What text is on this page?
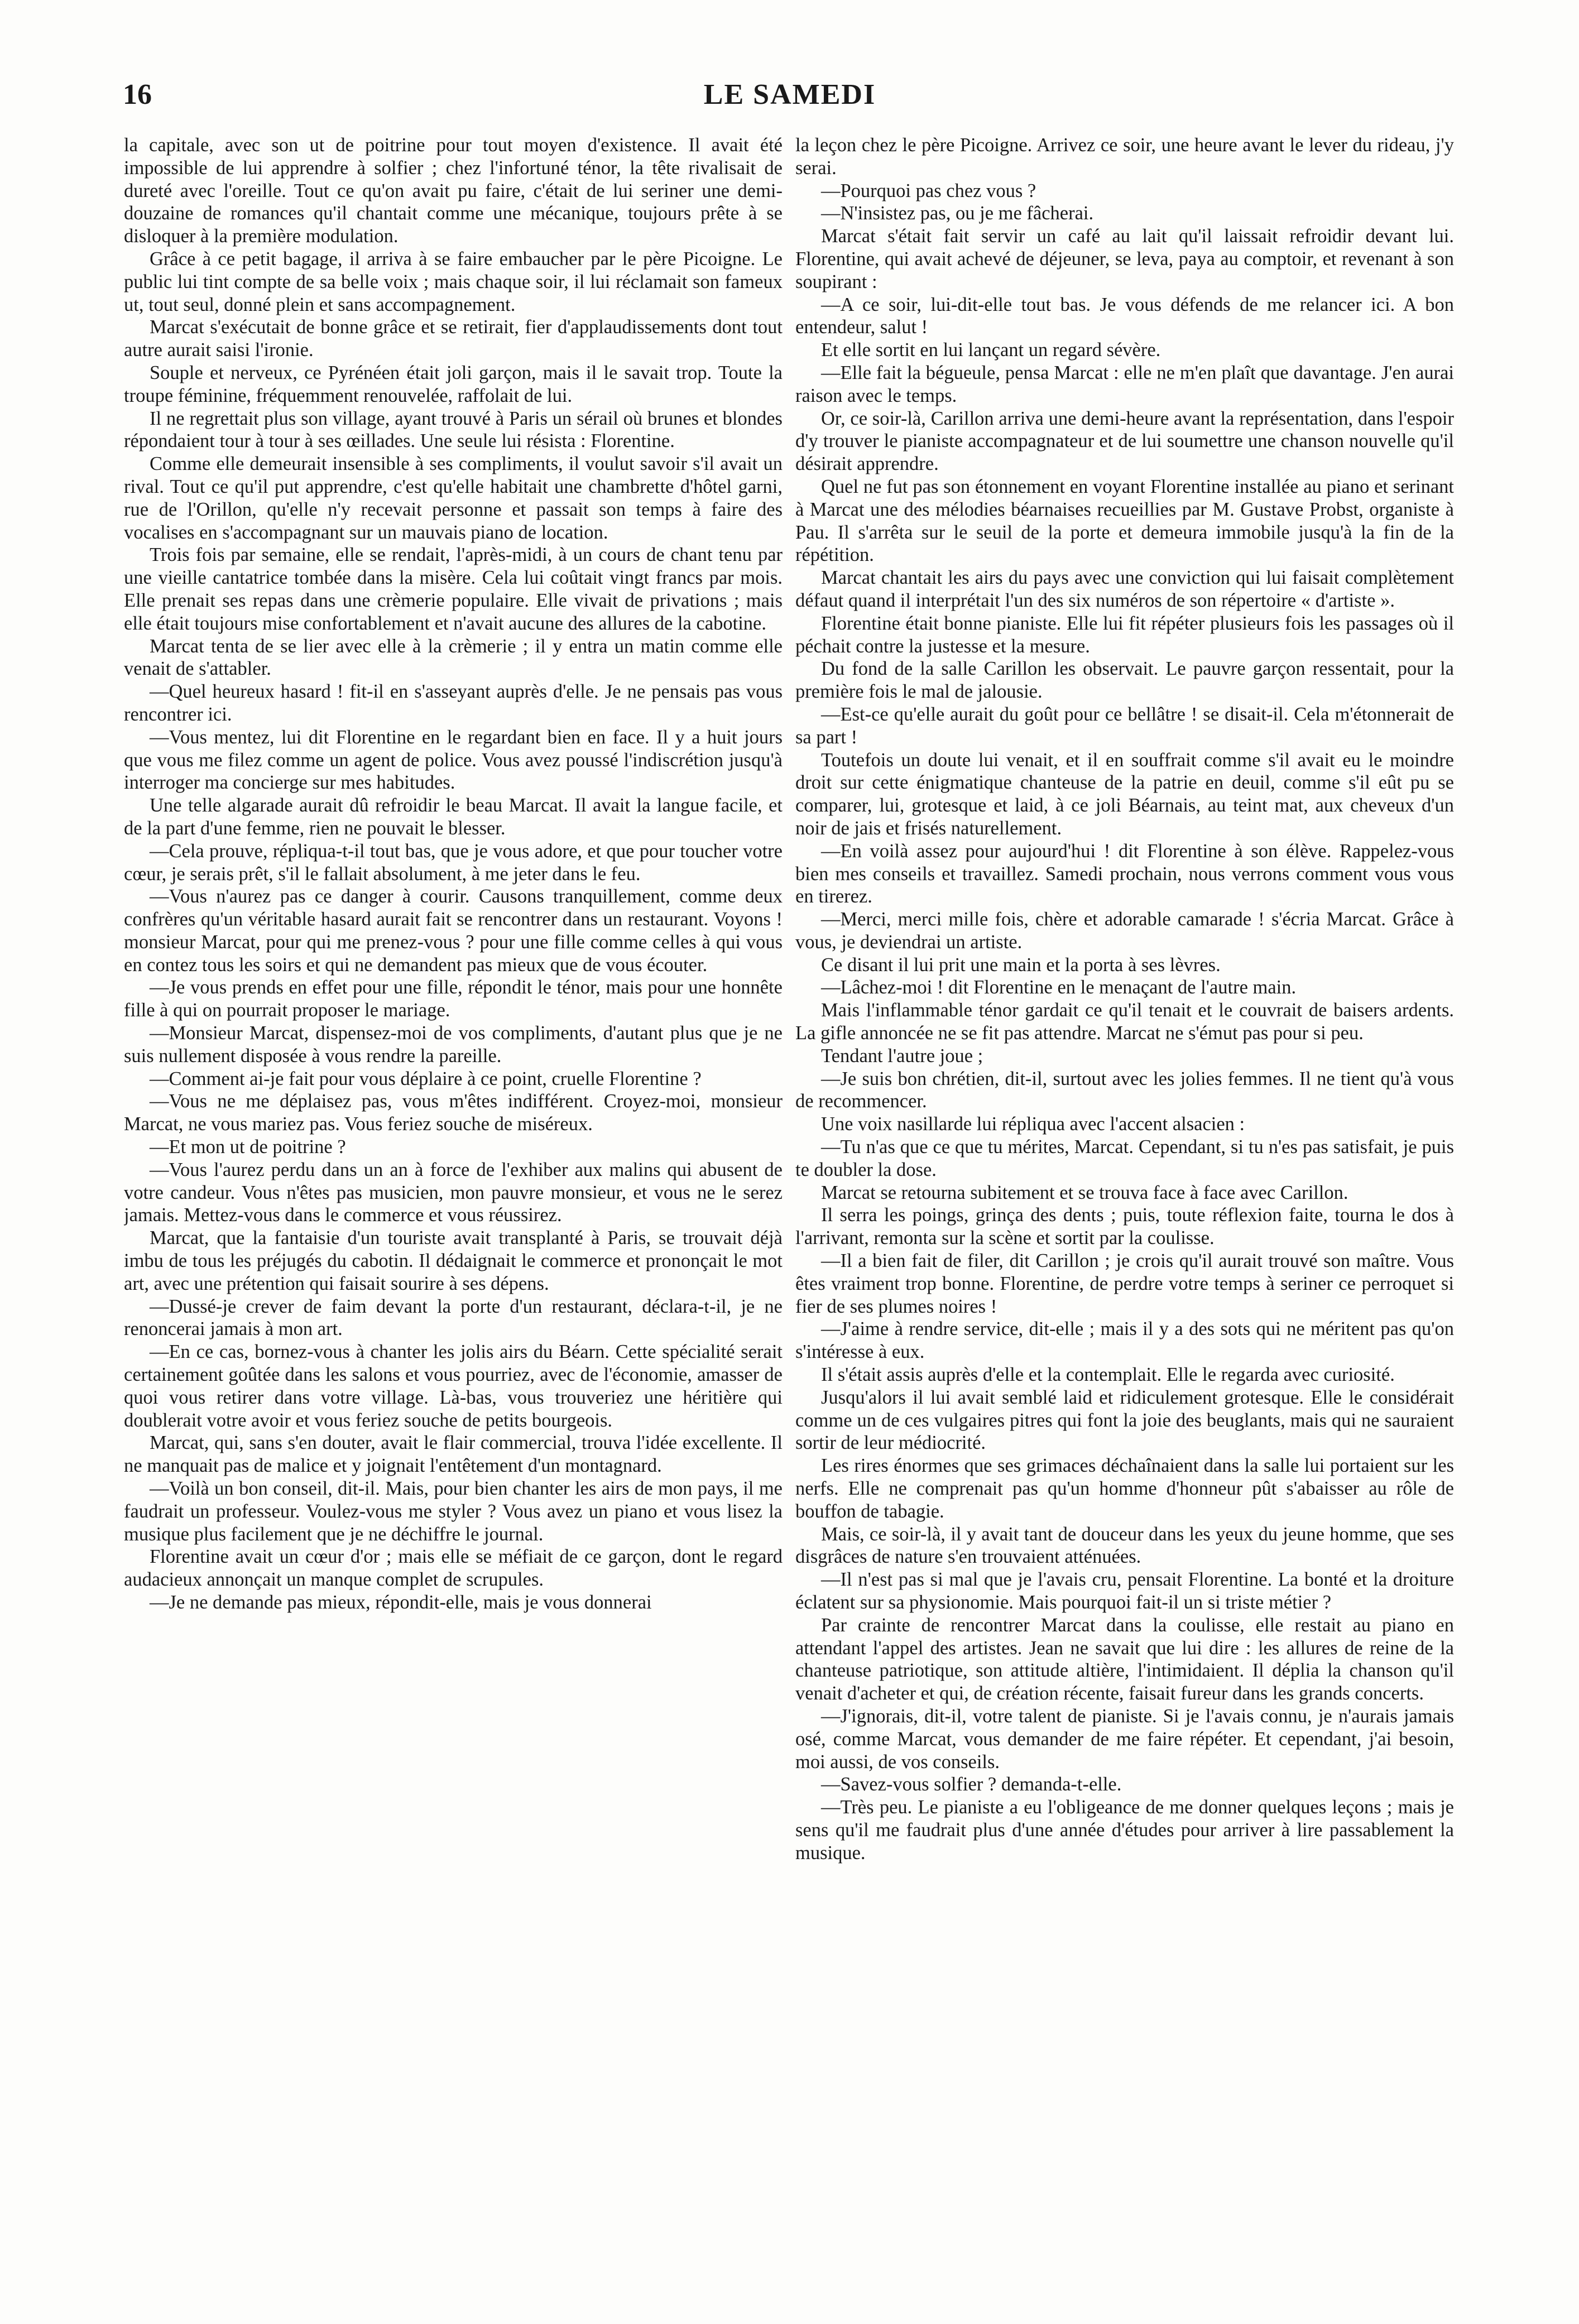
16	LE SAMEDI

la capitale, avec son ut de poitrine pour tout moyen d'existence. Il avait été impossible de lui apprendre à solfier ; chez l'infortuné ténor, la tête rivalisait de dureté avec l'oreille. Tout ce qu'on avait pu faire, c'était de lui seriner une demi-douzaine de romances qu'il chantait comme une mécanique, toujours prête à se disloquer à la première modulation.

Grâce à ce petit bagage, il arriva à se faire embaucher par le père Picoigne. Le public lui tint compte de sa belle voix ; mais chaque soir, il lui réclamait son fameux ut, tout seul, donné plein et sans accompagnement.

Marcat s'exécutait de bonne grâce et se retirait, fier d'applaudissements dont tout autre aurait saisi l'ironie.

Souple et nerveux, ce Pyrénéen était joli garçon, mais il le savait trop. Toute la troupe féminine, fréquemment renouvelée, raffolait de lui.

Il ne regrettait plus son village, ayant trouvé à Paris un sérail où brunes et blondes répondaient tour à tour à ses œillades. Une seule lui résista : Florentine.

Comme elle demeurait insensible à ses compliments, il voulut savoir s'il avait un rival. Tout ce qu'il put apprendre, c'est qu'elle habitait une chambrette d'hôtel garni, rue de l'Orillon, qu'elle n'y recevait personne et passait son temps à faire des vocalises en s'accompagnant sur un mauvais piano de location.

Trois fois par semaine, elle se rendait, l'après-midi, à un cours de chant tenu par une vieille cantatrice tombée dans la misère. Cela lui coûtait vingt francs par mois. Elle prenait ses repas dans une crèmerie populaire. Elle vivait de privations ; mais elle était toujours mise confortablement et n'avait aucune des allures de la cabotine.

Marcat tenta de se lier avec elle à la crèmerie ; il y entra un matin comme elle venait de s'attabler.

—Quel heureux hasard ! fit-il en s'asseyant auprès d'elle. Je ne pensais pas vous rencontrer ici.

—Vous mentez, lui dit Florentine en le regardant bien en face. Il y a huit jours que vous me filez comme un agent de police. Vous avez poussé l'indiscrétion jusqu'à interroger ma concierge sur mes habitudes.

Une telle algarade aurait dû refroidir le beau Marcat. Il avait la langue facile, et de la part d'une femme, rien ne pouvait le blesser.

—Cela prouve, répliqua-t-il tout bas, que je vous adore, et que pour toucher votre cœur, je serais prêt, s'il le fallait absolument, à me jeter dans le feu.

—Vous n'aurez pas ce danger à courir. Causons tranquillement, comme deux confrères qu'un véritable hasard aurait fait se rencontrer dans un restaurant. Voyons ! monsieur Marcat, pour qui me prenez-vous ? pour une fille comme celles à qui vous en contez tous les soirs et qui ne demandent pas mieux que de vous écouter.

—Je vous prends en effet pour une fille, répondit le ténor, mais pour une honnête fille à qui on pourrait proposer le mariage.

—Monsieur Marcat, dispensez-moi de vos compliments, d'autant plus que je ne suis nullement disposée à vous rendre la pareille.

—Comment ai-je fait pour vous déplaire à ce point, cruelle Florentine ?

—Vous ne me déplaisez pas, vous m'êtes indifférent. Croyez-moi, monsieur Marcat, ne vous mariez pas. Vous feriez souche de miséreux.

—Et mon ut de poitrine ?

—Vous l'aurez perdu dans un an à force de l'exhiber aux malins qui abusent de votre candeur. Vous n'êtes pas musicien, mon pauvre monsieur, et vous ne le serez jamais. Mettez-vous dans le commerce et vous réussirez.

Marcat, que la fantaisie d'un touriste avait transplanté à Paris, se trouvait déjà imbu de tous les préjugés du cabotin. Il dédaignait le commerce et prononçait le mot art, avec une prétention qui faisait sourire à ses dépens.

—Dussé-je crever de faim devant la porte d'un restaurant, déclara-t-il, je ne renoncerai jamais à mon art.

—En ce cas, bornez-vous à chanter les jolis airs du Béarn. Cette spécialité serait certainement goûtée dans les salons et vous pourriez, avec de l'économie, amasser de quoi vous retirer dans votre village. Là-bas, vous trouveriez une héritière qui doublerait votre avoir et vous feriez souche de petits bourgeois.

Marcat, qui, sans s'en douter, avait le flair commercial, trouva l'idée excellente. Il ne manquait pas de malice et y joignait l'entêtement d'un montagnard.

—Voilà un bon conseil, dit-il. Mais, pour bien chanter les airs de mon pays, il me faudrait un professeur. Voulez-vous me styler ? Vous avez un piano et vous lisez la musique plus facilement que je ne déchiffre le journal.

Florentine avait un cœur d'or ; mais elle se méfiait de ce garçon, dont le regard audacieux annonçait un manque complet de scrupules.

—Je ne demande pas mieux, répondit-elle, mais je vous donnerai

la leçon chez le père Picoigne. Arrivez ce soir, une heure avant le lever du rideau, j'y serai.

—Pourquoi pas chez vous ?

—N'insistez pas, ou je me fâcherai.

Marcat s'était fait servir un café au lait qu'il laissait refroidir devant lui. Florentine, qui avait achevé de déjeuner, se leva, paya au comptoir, et revenant à son soupirant :

—A ce soir, lui-dit-elle tout bas. Je vous défends de me relancer ici. A bon entendeur, salut !

Et elle sortit en lui lançant un regard sévère.

—Elle fait la bégueule, pensa Marcat : elle ne m'en plaît que davantage. J'en aurai raison avec le temps.

Or, ce soir-là, Carillon arriva une demi-heure avant la représentation, dans l'espoir d'y trouver le pianiste accompagnateur et de lui soumettre une chanson nouvelle qu'il désirait apprendre.

Quel ne fut pas son étonnement en voyant Florentine installée au piano et serinant à Marcat une des mélodies béarnaises recueillies par M. Gustave Probst, organiste à Pau. Il s'arrêta sur le seuil de la porte et demeura immobile jusqu'à la fin de la répétition.

Marcat chantait les airs du pays avec une conviction qui lui faisait complètement défaut quand il interprétait l'un des six numéros de son répertoire « d'artiste ».

Florentine était bonne pianiste. Elle lui fit répéter plusieurs fois les passages où il péchait contre la justesse et la mesure.

Du fond de la salle Carillon les observait. Le pauvre garçon ressentait, pour la première fois le mal de jalousie.

—Est-ce qu'elle aurait du goût pour ce bellâtre ! se disait-il. Cela m'étonnerait de sa part !

Toutefois un doute lui venait, et il en souffrait comme s'il avait eu le moindre droit sur cette énigmatique chanteuse de la patrie en deuil, comme s'il eût pu se comparer, lui, grotesque et laid, à ce joli Béarnais, au teint mat, aux cheveux d'un noir de jais et frisés naturellement.

—En voilà assez pour aujourd'hui ! dit Florentine à son élève. Rappelez-vous bien mes conseils et travaillez. Samedi prochain, nous verrons comment vous vous en tirerez.

—Merci, merci mille fois, chère et adorable camarade ! s'écria Marcat. Grâce à vous, je deviendrai un artiste.

Ce disant il lui prit une main et la porta à ses lèvres.

—Lâchez-moi ! dit Florentine en le menaçant de l'autre main.

Mais l'inflammable ténor gardait ce qu'il tenait et le couvrait de baisers ardents. La gifle annoncée ne se fit pas attendre. Marcat ne s'émut pas pour si peu.

Tendant l'autre joue ;

—Je suis bon chrétien, dit-il, surtout avec les jolies femmes. Il ne tient qu'à vous de recommencer.

Une voix nasillarde lui répliqua avec l'accent alsacien :

—Tu n'as que ce que tu mérites, Marcat. Cependant, si tu n'es pas satisfait, je puis te doubler la dose.

Marcat se retourna subitement et se trouva face à face avec Carillon.

Il serra les poings, grinça des dents ; puis, toute réflexion faite, tourna le dos à l'arrivant, remonta sur la scène et sortit par la coulisse.

—Il a bien fait de filer, dit Carillon ; je crois qu'il aurait trouvé son maître. Vous êtes vraiment trop bonne. Florentine, de perdre votre temps à seriner ce perroquet si fier de ses plumes noires !

—J'aime à rendre service, dit-elle ; mais il y a des sots qui ne méritent pas qu'on s'intéresse à eux.

Il s'était assis auprès d'elle et la contemplait. Elle le regarda avec curiosité.

Jusqu'alors il lui avait semblé laid et ridiculement grotesque. Elle le considérait comme un de ces vulgaires pitres qui font la joie des beuglants, mais qui ne sauraient sortir de leur médiocrité.

Les rires énormes que ses grimaces déchaînaient dans la salle lui portaient sur les nerfs. Elle ne comprenait pas qu'un homme d'honneur pût s'abaisser au rôle de bouffon de tabagie.

Mais, ce soir-là, il y avait tant de douceur dans les yeux du jeune homme, que ses disgrâces de nature s'en trouvaient atténuées.

—Il n'est pas si mal que je l'avais cru, pensait Florentine. La bonté et la droiture éclatent sur sa physionomie. Mais pourquoi fait-il un si triste métier ?

Par crainte de rencontrer Marcat dans la coulisse, elle restait au piano en attendant l'appel des artistes. Jean ne savait que lui dire : les allures de reine de la chanteuse patriotique, son attitude altière, l'intimidaient. Il déplia la chanson qu'il venait d'acheter et qui, de création récente, faisait fureur dans les grands concerts.

—J'ignorais, dit-il, votre talent de pianiste. Si je l'avais connu, je n'aurais jamais osé, comme Marcat, vous demander de me faire répéter. Et cependant, j'ai besoin, moi aussi, de vos conseils.

—Savez-vous solfier ? demanda-t-elle.

—Très peu. Le pianiste a eu l'obligeance de me donner quelques leçons ; mais je sens qu'il me faudrait plus d'une année d'études pour arriver à lire passablement la musique.
